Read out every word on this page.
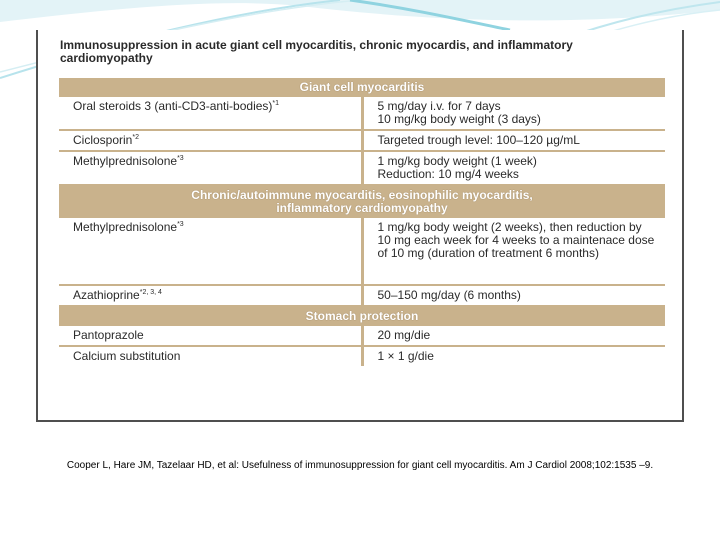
Immunosuppression in acute giant cell myocarditis, chronic myocardis, and inflammatory cardiomyopathy
Giant cell myocarditis	
Oral steroids 3 (anti-CD3-anti-bodies)$^{*1}$	5 mg/day i.v. for 7 days
10 mg/kg body weight (3 days)
Ciclosporin$^{*2}$	Targeted trough level: 100–120 µg/mL
Methylprednisolone$^{*3}$	1 mg/kg body weight (1 week)
Reduction: 10 mg/4 weeks
Chronic/autoimmune myocarditis, eosinophilic myocarditis,
inflammatory cardiomyopathy	
Methylprednisolone$^{*3}$	1 mg/kg body weight (2 weeks), then reduction by 10 mg each week for 4 weeks to a maintenace dose of 10 mg (duration of treatment 6 months)
Azathioprine$^{*2, 3, 4}$	50–150 mg/day (6 months)
Stomach protection	
Pantoprazole	20 mg/die
Calcium substitution	1 × 1 g/die
Cooper L, Hare JM, Tazelaar HD, et al: Usefulness of immunosuppression for giant cell myocarditis. Am J Cardiol 2008;102:1535 –9.
